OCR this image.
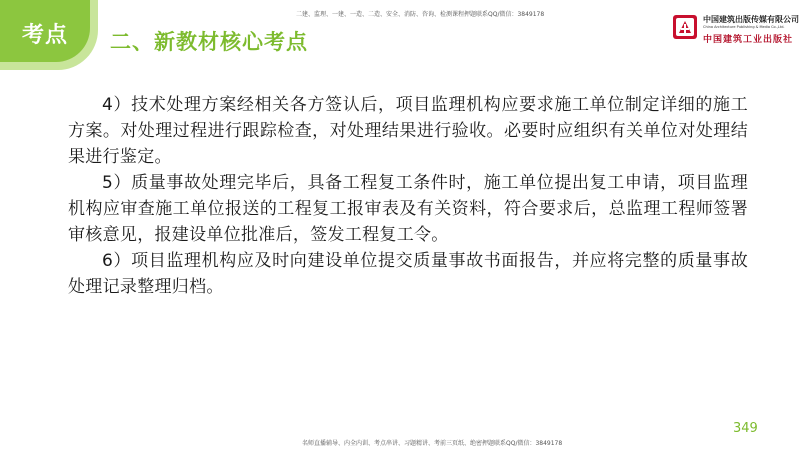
考点 二、新教材核心考点
二建、监理、一建、一造、二造、安全、消防、咨询、检测课程押题联系QQ/微信：3849178
中国建筑出版传媒有限公司
China Architecture Publishing & Media Co.,Ltd.
中国建筑工业出版社

4）技术处理方案经相关各方签认后，项目监理机构应要求施工单位制定详细的施工方案。对处理过程进行跟踪检查，对处理结果进行验收。必要时应组织有关单位对处理结果进行鉴定。

5）质量事故处理完毕后，具备工程复工条件时，施工单位提出复工申请，项目监理机构应审查施工单位报送的工程复工报审表及有关资料，符合要求后，总监理工程师签署审核意见，报建设单位批准后，签发工程复工令。

6）项目监理机构应及时向建设单位提交质量事故书面报告，并应将完整的质量事故处理记录整理归档。

349
名师直播辅导、内全内训、考点串讲、习题精讲、考前三页纸、绝密押题联系QQ/微信：3849178
